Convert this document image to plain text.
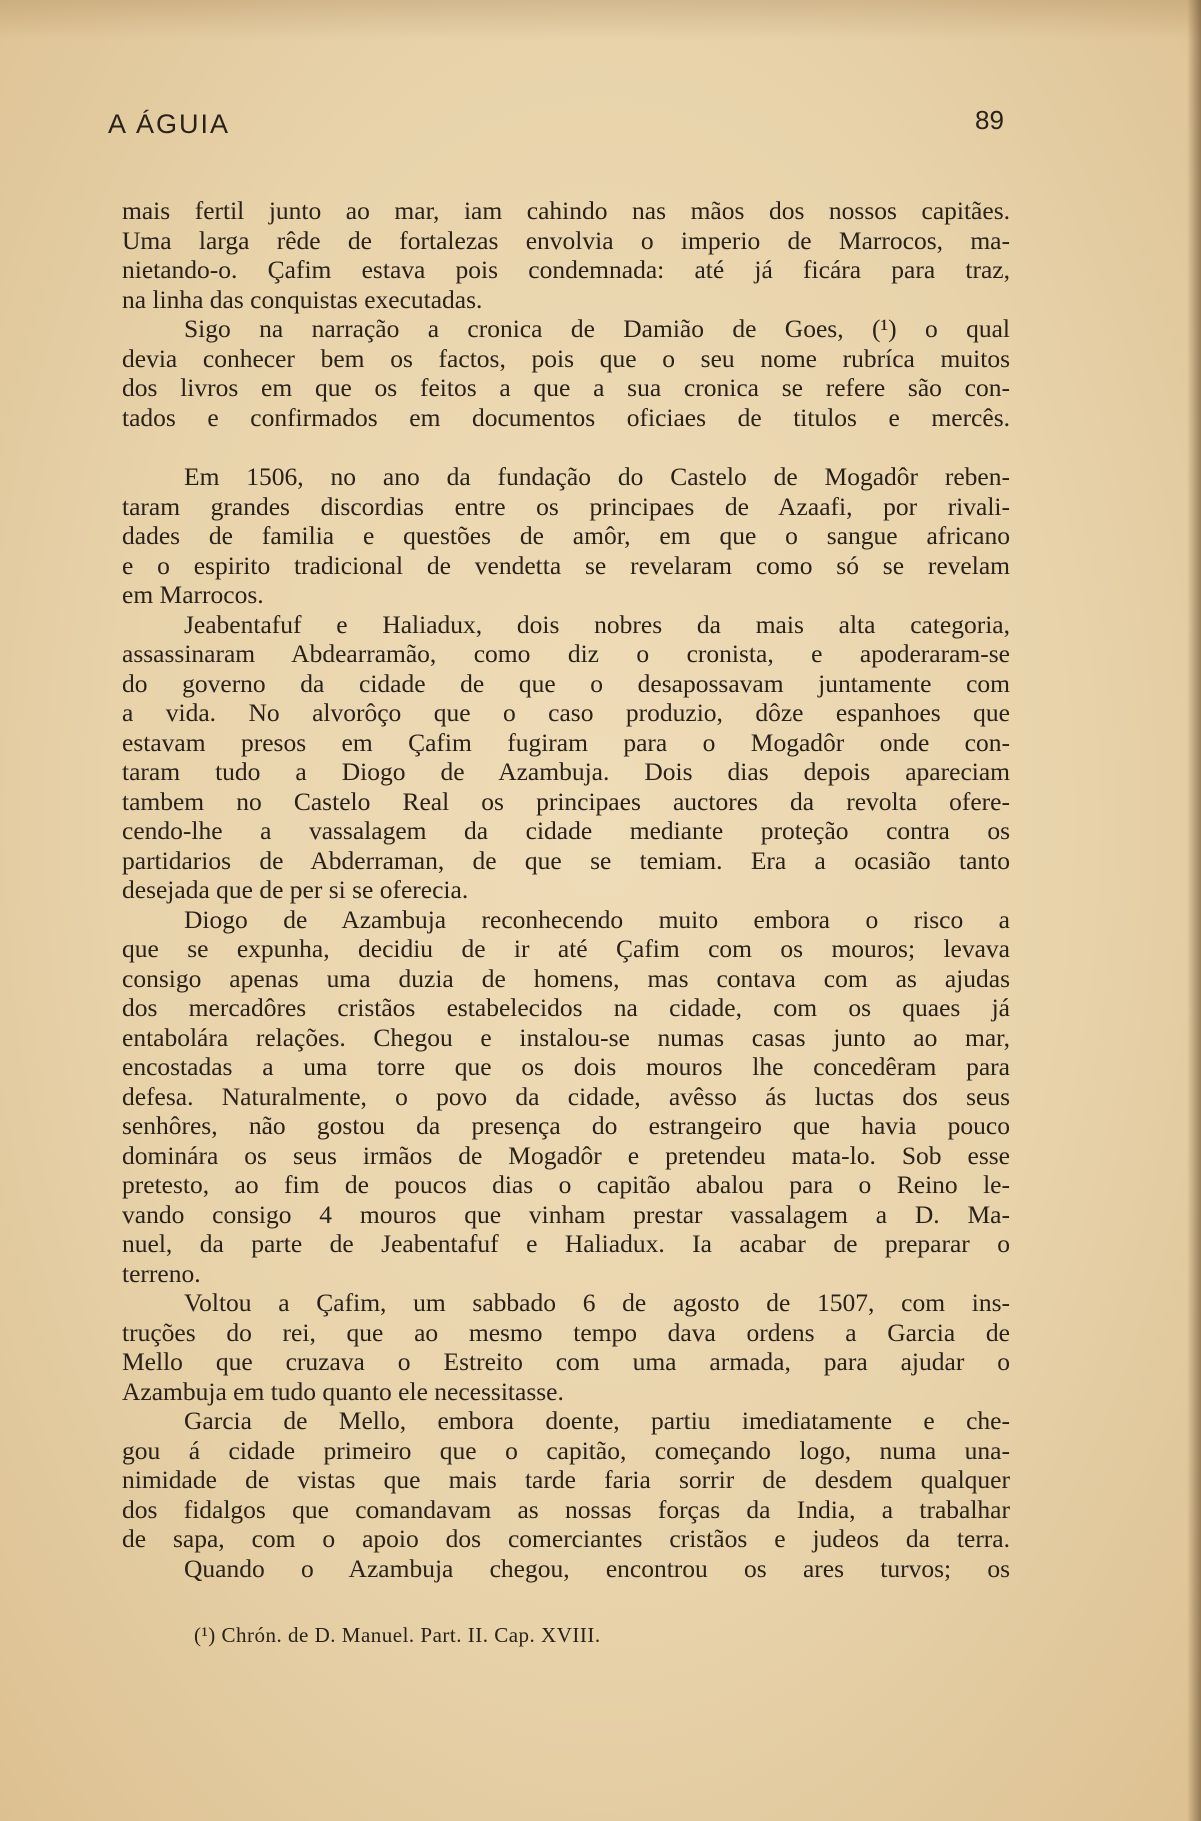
A ÁGUIA	89
mais fertil junto ao mar, iam cahindo nas mãos dos nossos capitães.
Uma larga rêde de fortalezas envolvia o imperio de Marrocos, ma-
nietando-o. Çafim estava pois condemnada: até já ficára para traz,
na linha das conquistas executadas.
Sigo na narração a cronica de Damião de Goes, (¹) o qual
devia conhecer bem os factos, pois que o seu nome rubríca muitos
dos livros em que os feitos a que a sua cronica se refere são con-
tados e confirmados em documentos oficiaes de titulos e mercês.
Em 1506, no ano da fundação do Castelo de Mogadôr reben-
taram grandes discordias entre os principaes de Azaafi, por rivali-
dades de familia e questões de amôr, em que o sangue africano
e o espirito tradicional de vendetta se revelaram como só se revelam
em Marrocos.
Jeabentafuf e Haliadux, dois nobres da mais alta categoria,
assassinaram Abdearramão, como diz o cronista, e apoderaram-se
do governo da cidade de que o desapossavam juntamente com
a vida. No alvorôço que o caso produzio, dôze espanhoes que
estavam presos em Çafim fugiram para o Mogadôr onde con-
taram tudo a Diogo de Azambuja. Dois dias depois apareciam
tambem no Castelo Real os principaes auctores da revolta ofere-
cendo-lhe a vassalagem da cidade mediante proteção contra os
partidarios de Abderraman, de que se temiam. Era a ocasião tanto
desejada que de per si se oferecia.
Diogo de Azambuja reconhecendo muito embora o risco a
que se expunha, decidiu de ir até Çafim com os mouros; levava
consigo apenas uma duzia de homens, mas contava com as ajudas
dos mercadôres cristãos estabelecidos na cidade, com os quaes já
entabolára relações. Chegou e instalou-se numas casas junto ao mar,
encostadas a uma torre que os dois mouros lhe concedêram para
defesa. Naturalmente, o povo da cidade, avêsso ás luctas dos seus
senhôres, não gostou da presença do estrangeiro que havia pouco
dominára os seus irmãos de Mogadôr e pretendeu mata-lo. Sob esse
pretesto, ao fim de poucos dias o capitão abalou para o Reino le-
vando consigo 4 mouros que vinham prestar vassalagem a D. Ma-
nuel, da parte de Jeabentafuf e Haliadux. Ia acabar de preparar o
terreno.
Voltou a Çafim, um sabbado 6 de agosto de 1507, com ins-
truções do rei, que ao mesmo tempo dava ordens a Garcia de
Mello que cruzava o Estreito com uma armada, para ajudar o
Azambuja em tudo quanto ele necessitasse.
Garcia de Mello, embora doente, partiu imediatamente e che-
gou á cidade primeiro que o capitão, começando logo, numa una-
nimidade de vistas que mais tarde faria sorrir de desdem qualquer
dos fidalgos que comandavam as nossas forças da India, a trabalhar
de sapa, com o apoio dos comerciantes cristãos e judeos da terra.
Quando o Azambuja chegou, encontrou os ares turvos; os
(¹) Chrón. de D. Manuel. Part. II. Cap. XVIII.
